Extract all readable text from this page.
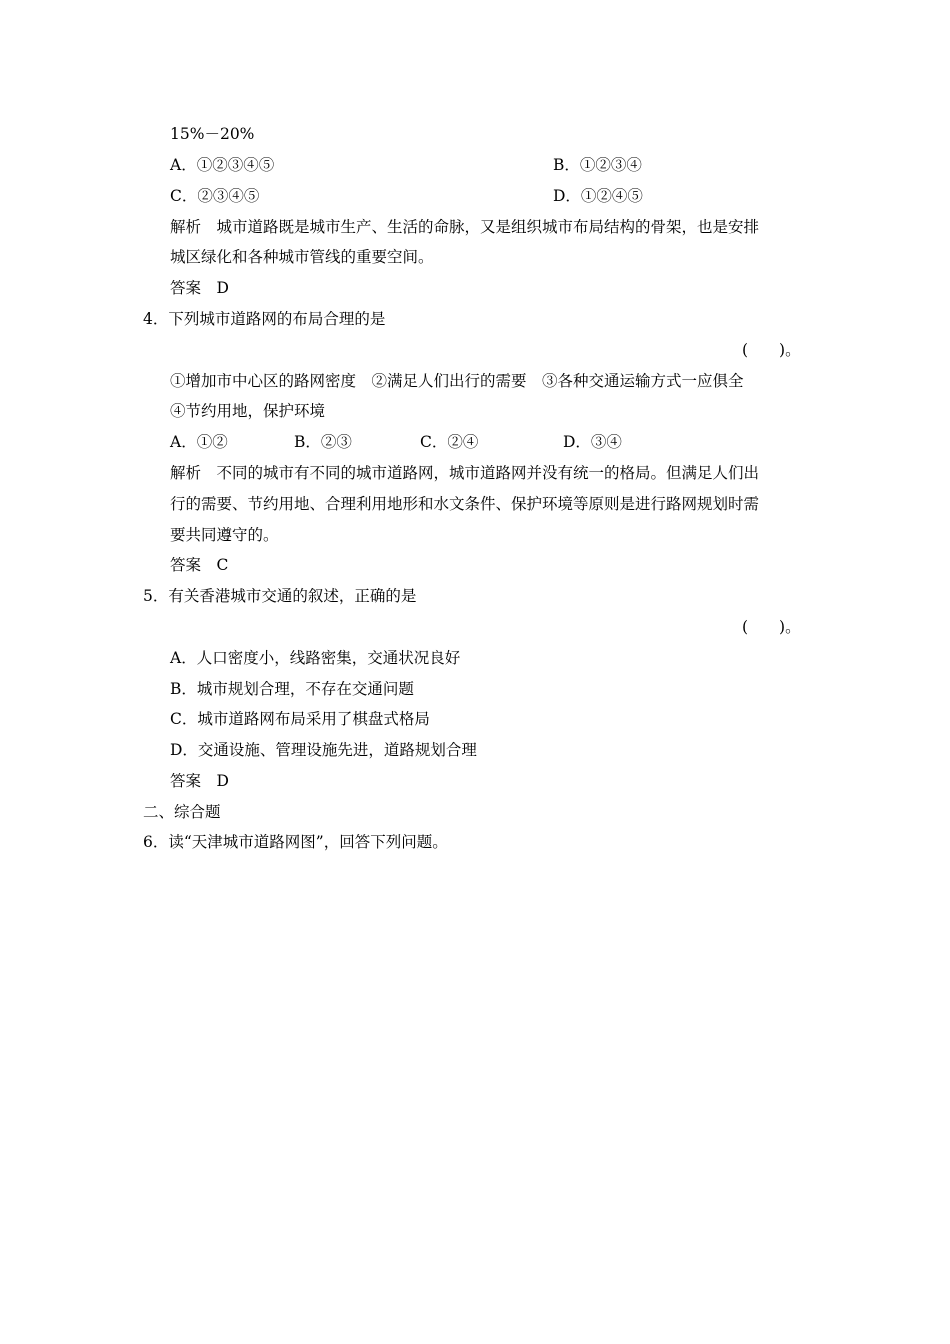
15%－20%
A．①②③④⑤	B．①②③④
C．②③④⑤	D．①②④⑤
解析　城市道路既是城市生产、生活的命脉，又是组织城市布局结构的骨架，也是安排
城区绿化和各种城市管线的重要空间。
答案　D
4．下列城市道路网的布局合理的是
(　　)。
①增加市中心区的路网密度　②满足人们出行的需要　③各种交通运输方式一应俱全
④节约用地，保护环境
A．①②	B．②③	C．②④	D．③④
解析　不同的城市有不同的城市道路网，城市道路网并没有统一的格局。但满足人们出
行的需要、节约用地、合理利用地形和水文条件、保护环境等原则是进行路网规划时需
要共同遵守的。
答案　C
5．有关香港城市交通的叙述，正确的是
(　　)。
A．人口密度小，线路密集，交通状况良好
B．城市规划合理，不存在交通问题
C．城市道路网布局采用了棋盘式格局
D．交通设施、管理设施先进，道路规划合理
答案　D
二、综合题
6．读“天津城市道路网图”，回答下列问题。
